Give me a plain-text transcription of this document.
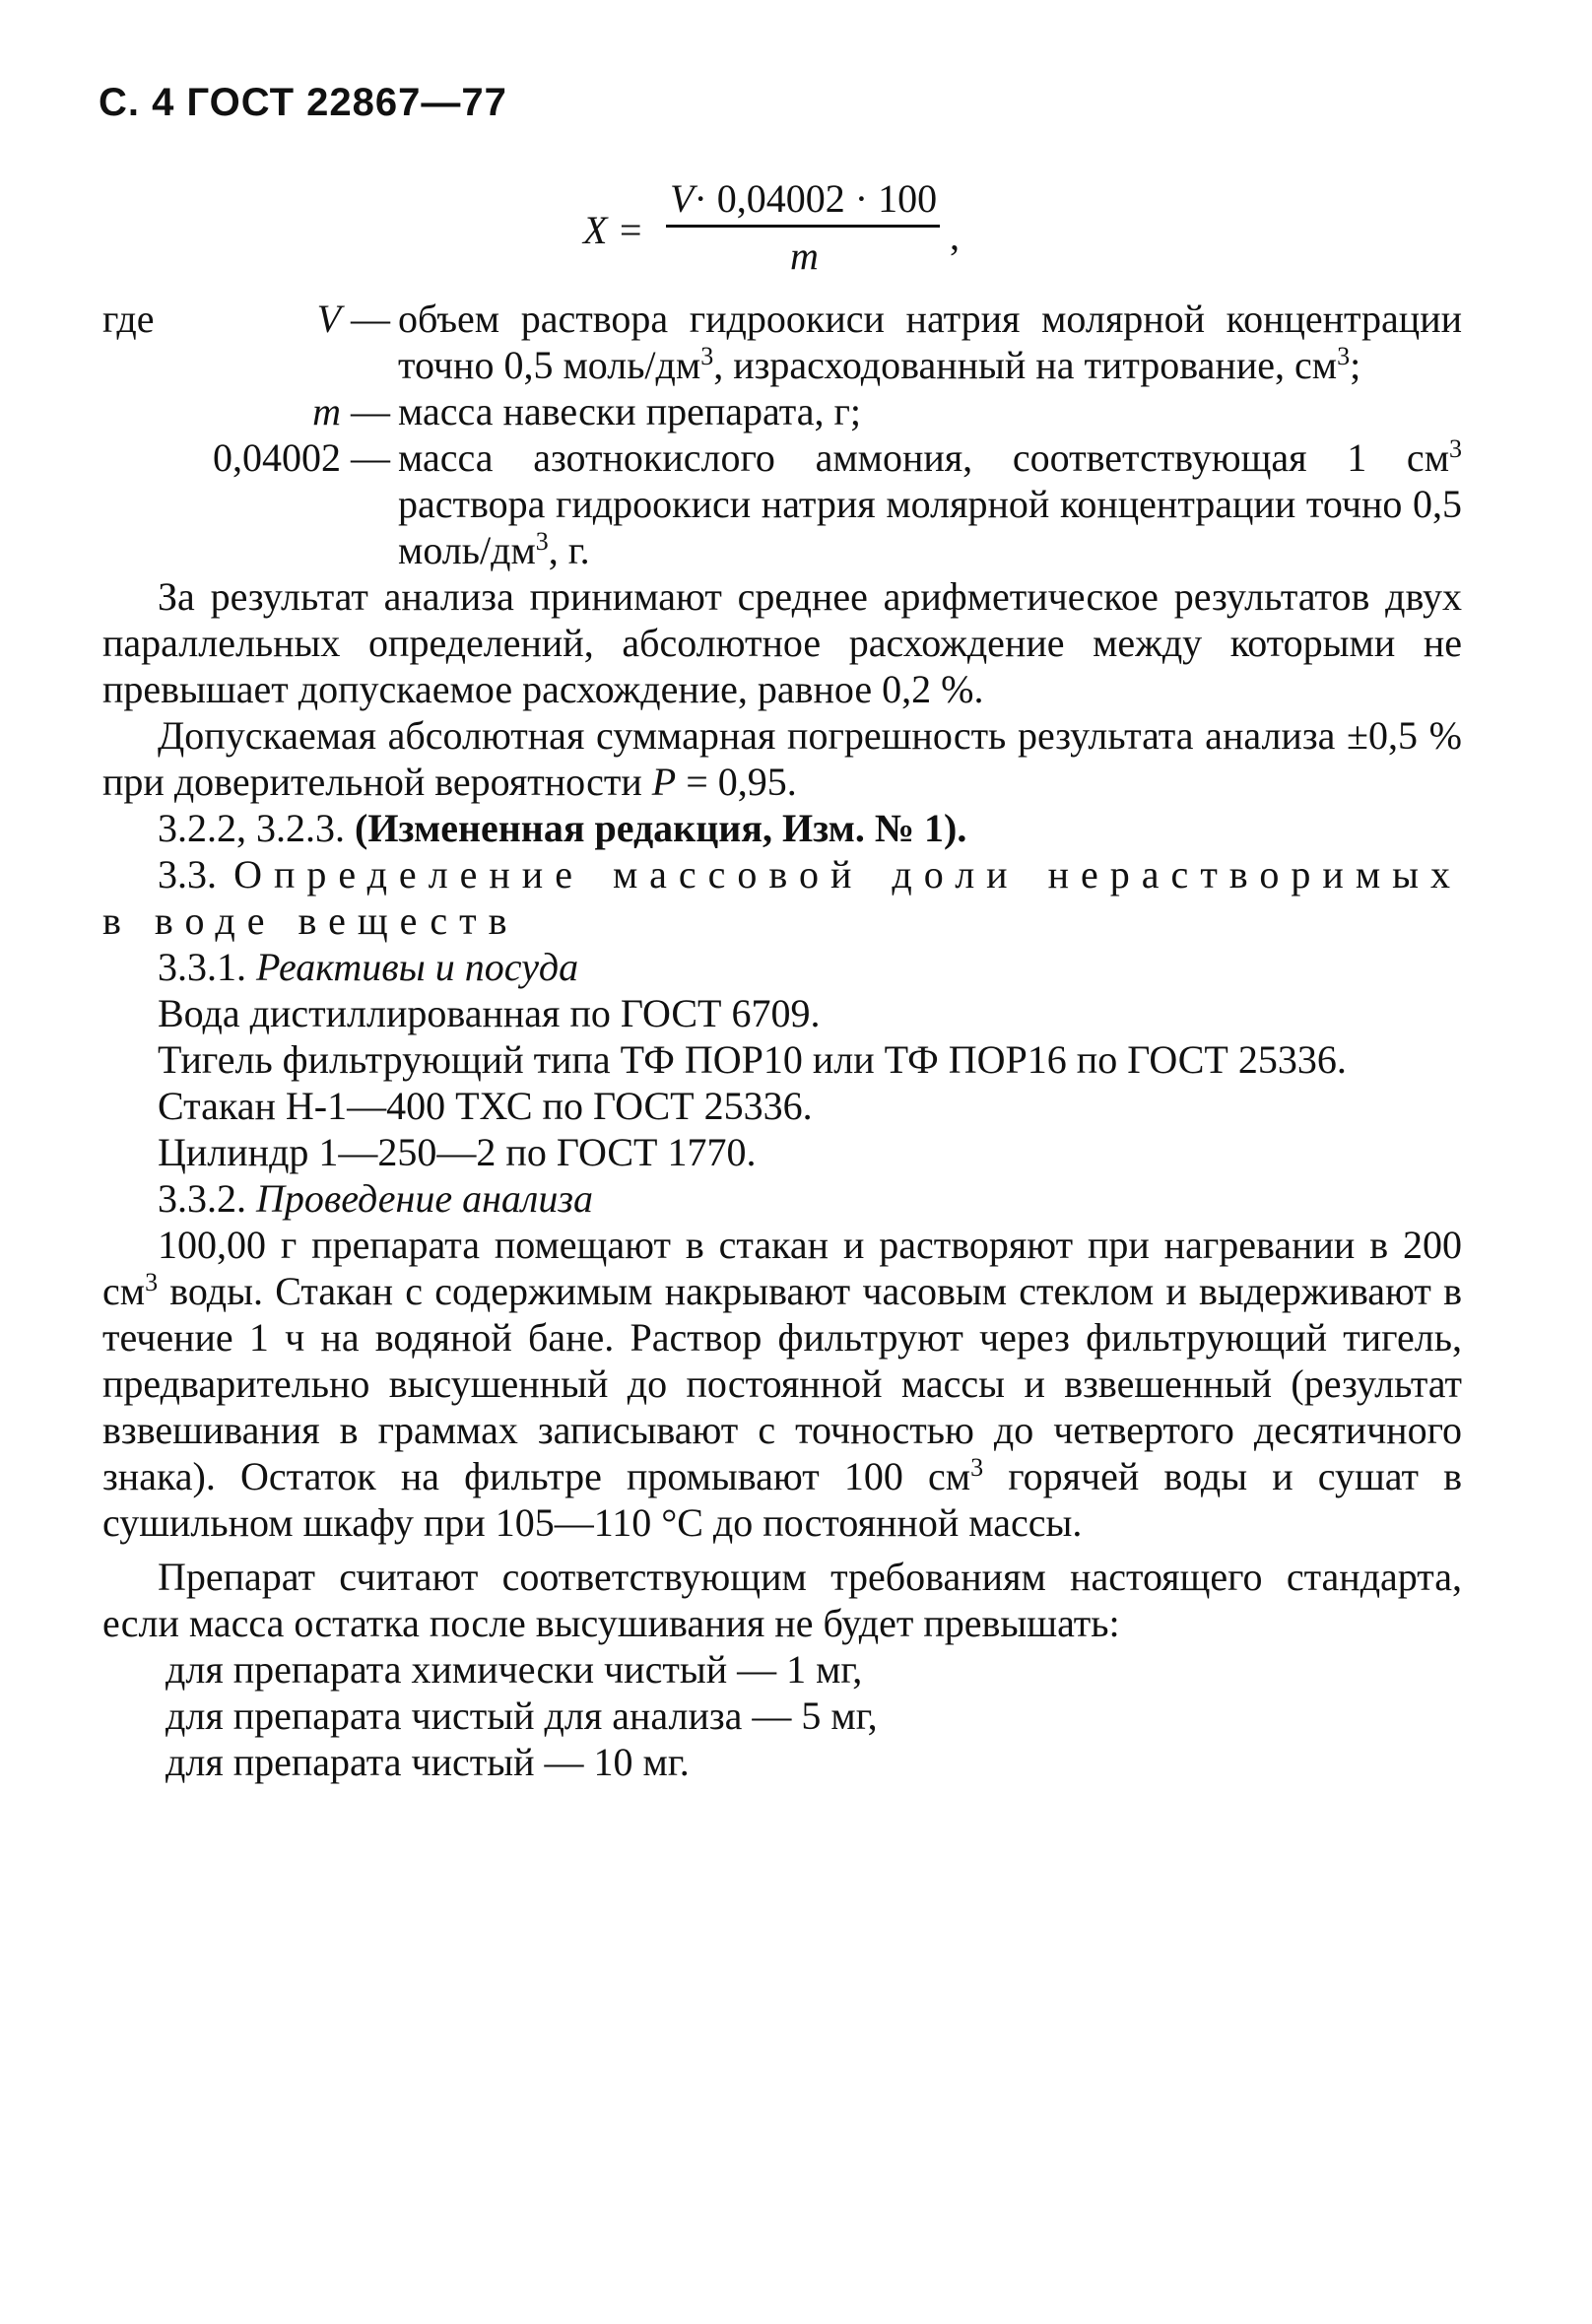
С. 4 ГОСТ 22867—77
X =
V· 0,04002 · 100
m	,
где	V — объем раствора гидроокиси натрия молярной концентрации точно 0,5 моль/$дм^3$, израсходованный на титрование, $см^3$;
m — масса навески препарата, г;
0,04002 — масса азотнокислого аммония, соответствующая 1 $см^3$ раствора гидроокиси натрия молярной концентрации точно 0,5 моль/$дм^3$, г.

За результат анализа принимают среднее арифметическое результатов двух параллельных определений, абсолютное расхождение между которыми не превышает допускаемое расхождение, равное 0,2 %.

Допускаемая абсолютная суммарная погрешность результата анализа ±0,5 % при доверительной вероятности P = 0,95.

3.2.2, 3.2.3. (Измененная редакция, Изм. № 1).

3.3. Определение массовой доли нерастворимых в воде веществ

3.3.1. Реактивы и посуда

Вода дистиллированная по ГОСТ 6709.

Тигель фильтрующий типа ТФ ПОР10 или ТФ ПОР16 по ГОСТ 25336.

Стакан Н-1—400 ТХС по ГОСТ 25336.

Цилиндр 1—250—2 по ГОСТ 1770.

3.3.2. Проведение анализа

100,00 г препарата помещают в стакан и растворяют при нагревании в 200 $см^3$ воды. Стакан с содержимым накрывают часовым стеклом и выдерживают в течение 1 ч на водяной бане. Раствор фильтруют через фильтрующий тигель, предварительно высушенный до постоянной массы и взвешенный (результат взвешивания в граммах записывают с точностью до четвертого десятичного знака). Остаток на фильтре промывают 100 $см^3$ горячей воды и сушат в сушильном шкафу при 105—110 °С до постоянной массы.

Препарат считают соответствующим требованиям настоящего стандарта, если масса остатка после высушивания не будет превышать:

для препарата химически чистый — 1 мг,

для препарата чистый для анализа — 5 мг,

для препарата чистый — 10 мг.
